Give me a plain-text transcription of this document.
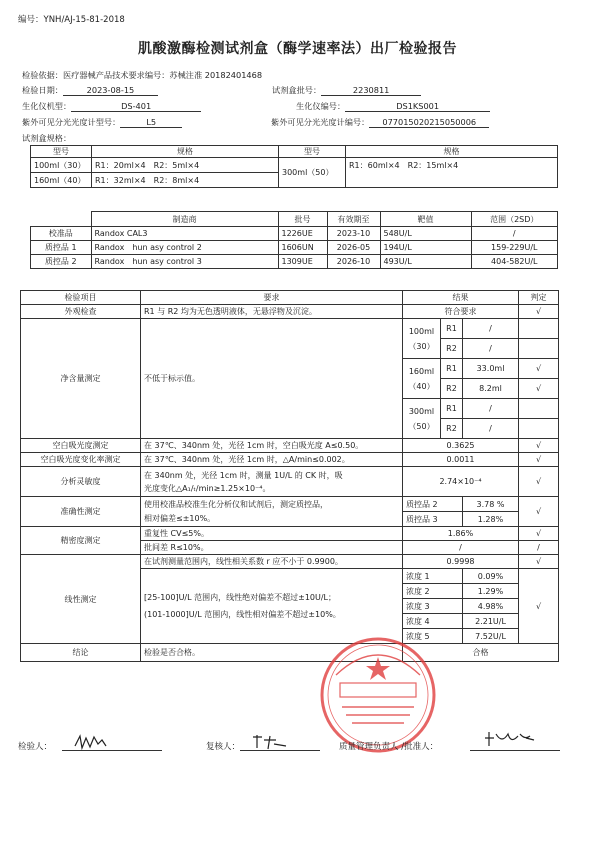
编号：YNH/AJ-15-81-2018
肌酸激酶检测试剂盒（酶学速率法）出厂检验报告
检验依据：医疗器械产品技术要求编号：苏械注准 20182401468
检验日期：	2023-08-15	试剂盒批号：	2230811
生化仪机型：	DS-401	生化仪编号：	DS1KS001
紫外可见分光光度计型号：	L5	紫外可见分光光度计编号： 077015020215050006
试剂盒规格：
型号	规格	型号	规格
100ml（30）	R1：20ml×4　R2：5ml×4	300ml（50）	R1：60ml×4　R2：15ml×4
160ml（40）	R1：32ml×4　R2：8ml×4		
	制造商	批号	有效期至	靶值	范围（2SD）
校准品	Randox CAL3	1226UE	2023-10	548U/L	/
质控品 1	Randox　hun asy control 2	1606UN	2026-05	194U/L	159-229U/L
质控品 2	Randox　hun asy control 3	1309UE	2026-10	493U/L	404-582U/L
检验项目	要求	结果			判定
外观检查	R1 与 R2 均为无色透明液体，无悬浮物及沉淀。	符合要求			√
净含量测定	不低于标示值。	100ml（30）	R1	/	
			R2	/	
		160ml（40）	R1	33.0ml	√
			R2	8.2ml	√
		300ml（50）	R1	/	
			R2	/	
空白吸光度测定	在 37℃、340nm 处，光径 1cm 时，空白吸光度 A≤0.50。	0.3625			√
空白吸光度变化率测定	在 37℃、340nm 处，光径 1cm 时，△A/min≤0.002。	0.0011			√
分析灵敏度	在 340nm 处，光径 1cm 时，测量 1U/L 的 CK 时，吸
光度变化△A₁/ₜ/min≥1.25×10⁻⁴。	2.74×10⁻⁴			√
准确性测定	使用校准品校准生化分析仪和试剂后，测定质控品，
相对偏差≤±10%。	质控品 2		3.78 %	√
		质控品 3		1.28%	
精密度测定	重复性 CV≤5%。	1.86%			√
	批间差 R≤10%。	/			/
线性测定	在试剂测量范围内，线性相关系数 r 应不小于 0.9900。	0.9998			√

	[25-100]U/L 范围内，线性绝对偏差不超过±10U/L；
(101-1000]U/L 范围内，线性相对偏差不超过±10%。	浓度 1		0.09%	√
		浓度 2		1.29%	
		浓度 3		4.98%	
		浓度 4		2.21U/L	
		浓度 5		7.52U/L	
结论	检验是否合格。	合格			
检验人：	复核人：	质量管理负责人 /批准人：
